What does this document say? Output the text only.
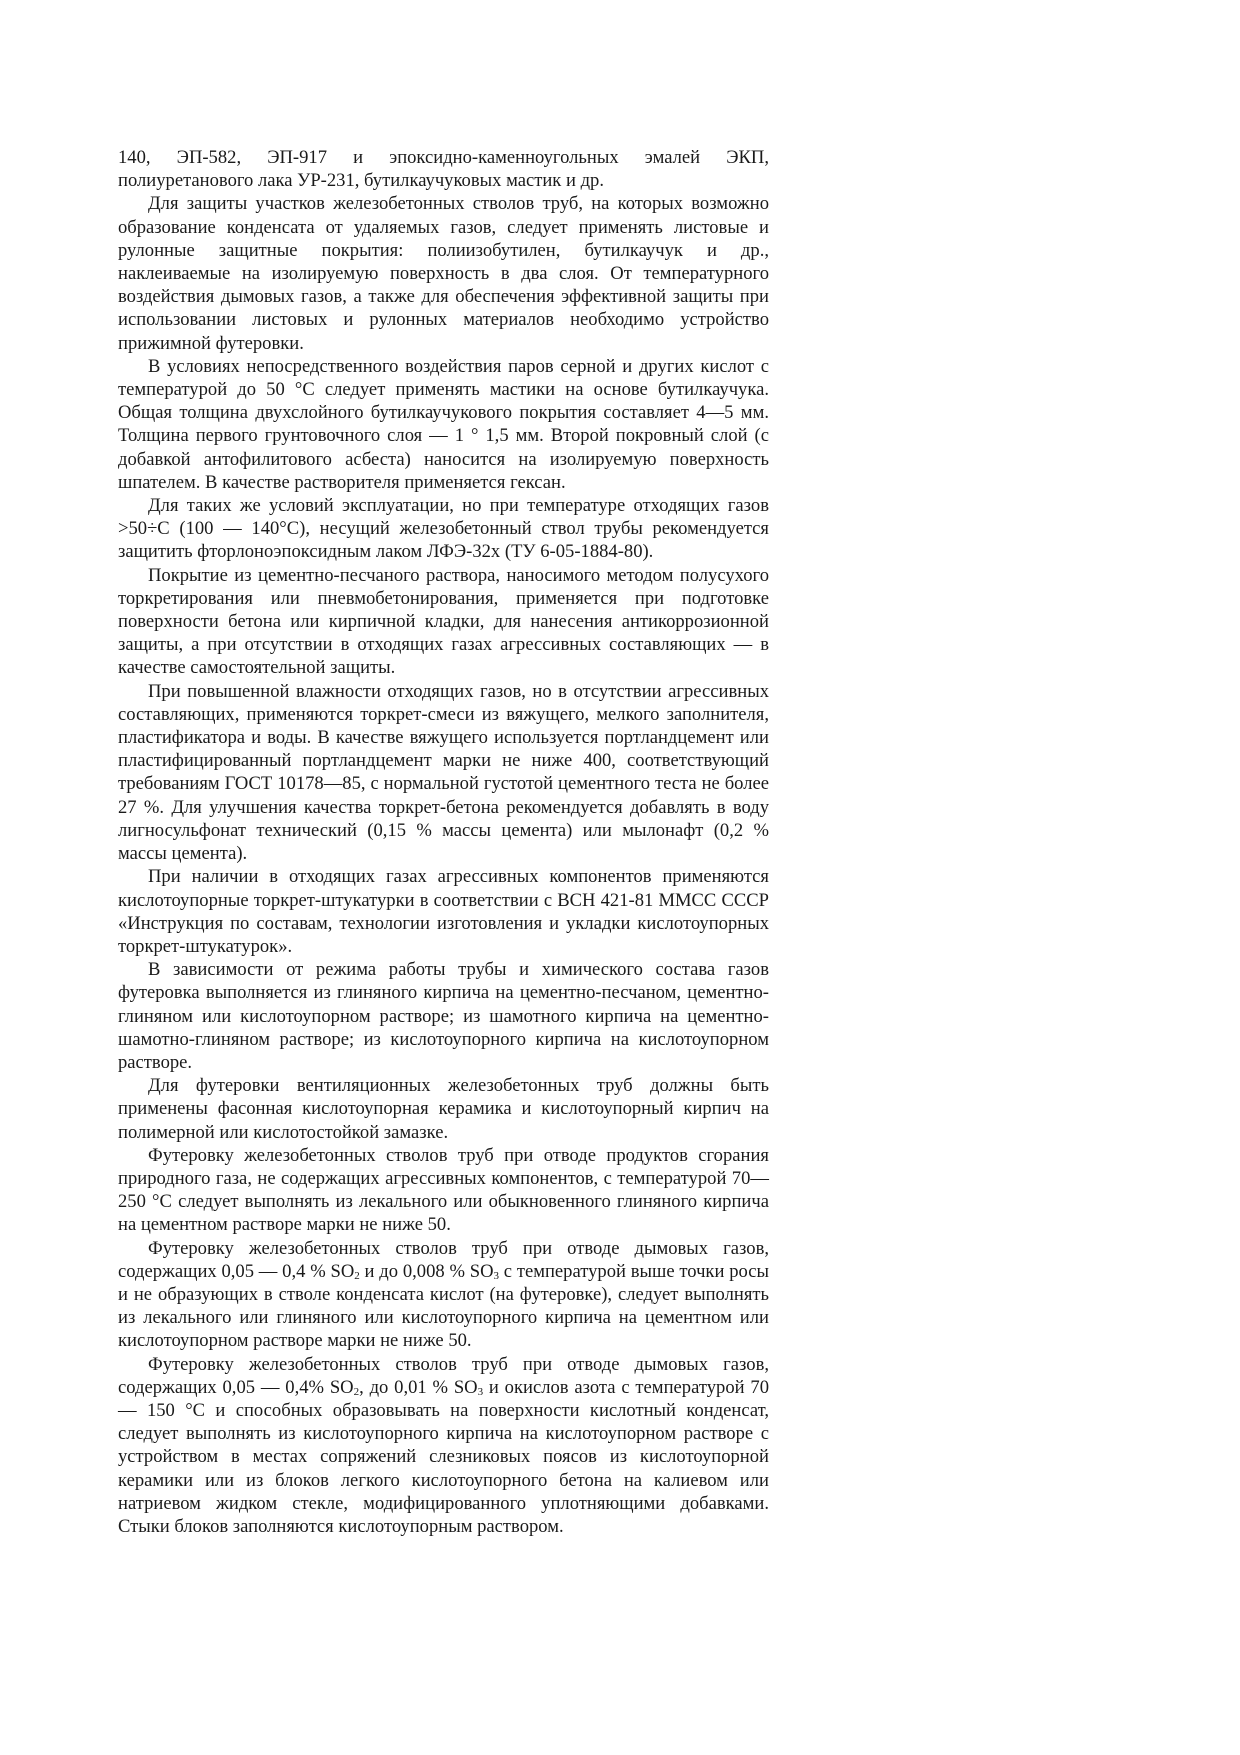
140, ЭП-582, ЭП-917 и эпоксидно-каменноугольных эмалей ЭКП, полиуретанового лака УР-231, бутилкаучуковых мастик и др.

Для защиты участков железобетонных стволов труб, на которых возможно образование конденсата от удаляемых газов, следует применять листовые и рулонные защитные покрытия: полиизобутилен, бутилкаучук и др., наклеиваемые на изолируемую поверхность в два слоя. От температурного воздействия дымовых газов, а также для обеспечения эффективной защиты при использовании листовых и рулонных материалов необходимо устройство прижимной футеровки.

В условиях непосредственного воздействия паров серной и других кислот с температурой до 50 °С следует применять мастики на основе бутилкаучука. Общая толщина двухслойного бутилкаучукового покрытия составляет 4—5 мм. Толщина первого грунтовочного слоя — 1 ° 1,5 мм. Второй покровный слой (с добавкой антофилитового асбеста) наносится на изолируемую поверхность шпателем. В качестве растворителя применяется гексан.

Для таких же условий эксплуатации, но при температуре отходящих газов >50÷С (100 — 140°С), несущий железобетонный ствол трубы рекомендуется защитить фторлоноэпоксидным лаком ЛФЭ-32х (ТУ 6-05-1884-80).

Покрытие из цементно-песчаного раствора, наносимого методом полусухого торкретирования или пневмобетонирования, применяется при подготовке поверхности бетона или кирпичной кладки, для нанесения антикоррозионной защиты, а при отсутствии в отходящих газах агрессивных составляющих — в качестве самостоятельной защиты.

При повышенной влажности отходящих газов, но в отсутствии агрессивных составляющих, применяются торкрет-смеси из вяжущего, мелкого заполнителя, пластификатора и воды. В качестве вяжущего используется портландцемент или пластифицированный портландцемент марки не ниже 400, соответствующий требованиям ГОСТ 10178—85, с нормальной густотой цементного теста не более 27 %. Для улучшения качества торкрет-бетона рекомендуется добавлять в воду лигносульфонат технический (0,15 % массы цемента) или мылонафт (0,2 % массы цемента).

При наличии в отходящих газах агрессивных компонентов применяются кислотоупорные торкрет-штукатурки в соответствии с ВСН 421-81 ММСС СССР «Инструкция по составам, технологии изготовления и укладки кислотоупорных торкрет-штукатурок».

В зависимости от режима работы трубы и химического состава газов футеровка выполняется из глиняного кирпича на цементно-песчаном, цементно-глиняном или кислотоупорном растворе; из шамотного кирпича на цементно-шамотно-глиняном растворе; из кислотоупорного кирпича на кислотоупорном растворе.

Для футеровки вентиляционных железобетонных труб должны быть применены фасонная кислотоупорная керамика и кислотоупорный кирпич на полимерной или кислотостойкой замазке.

Футеровку железобетонных стволов труб при отводе продуктов сгорания природного газа, не содержащих агрессивных компонентов, с температурой 70—250 °С следует выполнять из лекального или обыкновенного глиняного кирпича на цементном растворе марки не ниже 50.

Футеровку железобетонных стволов труб при отводе дымовых газов, содержащих 0,05 — 0,4 % $SO_2$ и до 0,008 % $SO_3$ с температурой выше точки росы и не образующих в стволе конденсата кислот (на футеровке), следует выполнять из лекального или глиняного или кислотоупорного кирпича на цементном или кислотоупорном растворе марки не ниже 50.

Футеровку железобетонных стволов труб при отводе дымовых газов, содержащих 0,05 — 0,4% $SO_2$, до 0,01 % $SO_3$ и окислов азота с температурой 70 — 150 °С и способных образовывать на поверхности кислотный конденсат, следует выполнять из кислотоупорного кирпича на кислотоупорном растворе с устройством в местах сопряжений слезниковых поясов из кислотоупорной керамики или из блоков легкого кислотоупорного бетона на калиевом или натриевом жидком стекле, модифицированного уплотняющими добавками. Стыки блоков заполняются кислотоупорным раствором.
